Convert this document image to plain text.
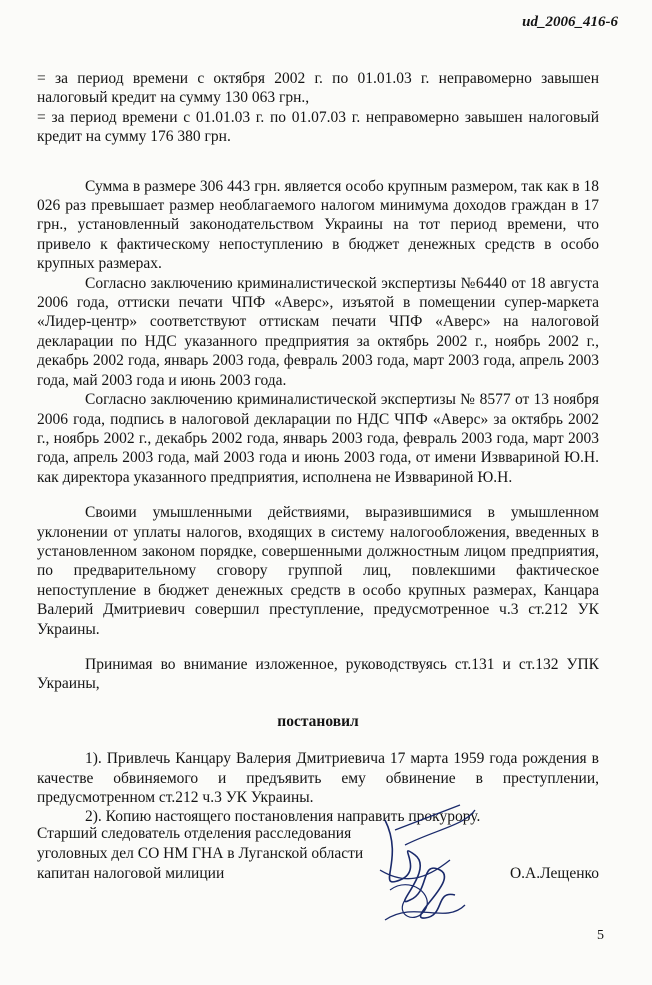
ud_2006_416-6

= за период времени с октября 2002 г. по 01.01.03 г. неправомерно завышен налоговый кредит на сумму 130 063 грн.,

= за период времени с 01.01.03 г. по 01.07.03 г. неправомерно завышен налоговый кредит на сумму 176 380 грн.

Сумма в размере 306 443 грн. является особо крупным размером, так как в 18 026 раз превышает размер необлагаемого налогом минимума доходов граждан в 17 грн., установленный законодательством Украины на тот период времени, что привело к фактическому непоступлению в бюджет денежных средств в особо крупных размерах.

Согласно заключению криминалистической экспертизы №6440 от 18 августа 2006 года, оттиски печати ЧПФ «Аверс», изъятой в помещении супер-маркета «Лидер-центр» соответствуют оттискам печати ЧПФ «Аверс» на налоговой декларации по НДС указанного предприятия за октябрь 2002 г., ноябрь 2002 г., декабрь 2002 года, январь 2003 года, февраль 2003 года, март 2003 года, апрель 2003 года, май 2003 года и июнь 2003 года.

Согласно заключению криминалистической экспертизы № 8577 от 13 ноября 2006 года, подпись в налоговой декларации по НДС ЧПФ «Аверс» за октябрь 2002 г., ноябрь 2002 г., декабрь 2002 года, январь 2003 года, февраль 2003 года, март 2003 года, апрель 2003 года, май 2003 года и июнь 2003 года, от имени Изввариной Ю.Н. как директора указанного предприятия, исполнена не Изввариной Ю.Н.

Своими умышленными действиями, выразившимися в умышленном уклонении от уплаты налогов, входящих в систему налогообложения, введенных в установленном законом порядке, совершенными должностным лицом предприятия, по предварительному сговору группой лиц, повлекшими фактическое непоступление в бюджет денежных средств в особо крупных размерах, Канцара Валерий Дмитриевич совершил преступление, предусмотренное ч.3 ст.212 УК Украины.

Принимая во внимание изложенное, руководствуясь ст.131 и ст.132 УПК Украины,

постановил

1). Привлечь Канцару Валерия Дмитриевича 17 марта 1959 года рождения в качестве обвиняемого и предъявить ему обвинение в преступлении, предусмотренном ст.212 ч.3 УК Украины.

2). Копию настоящего постановления направить прокурору.

Старший следователь отделения расследования
уголовных дел СО НМ ГНА в Луганской области
капитан налоговой милиции	О.А.Лещенко
5
